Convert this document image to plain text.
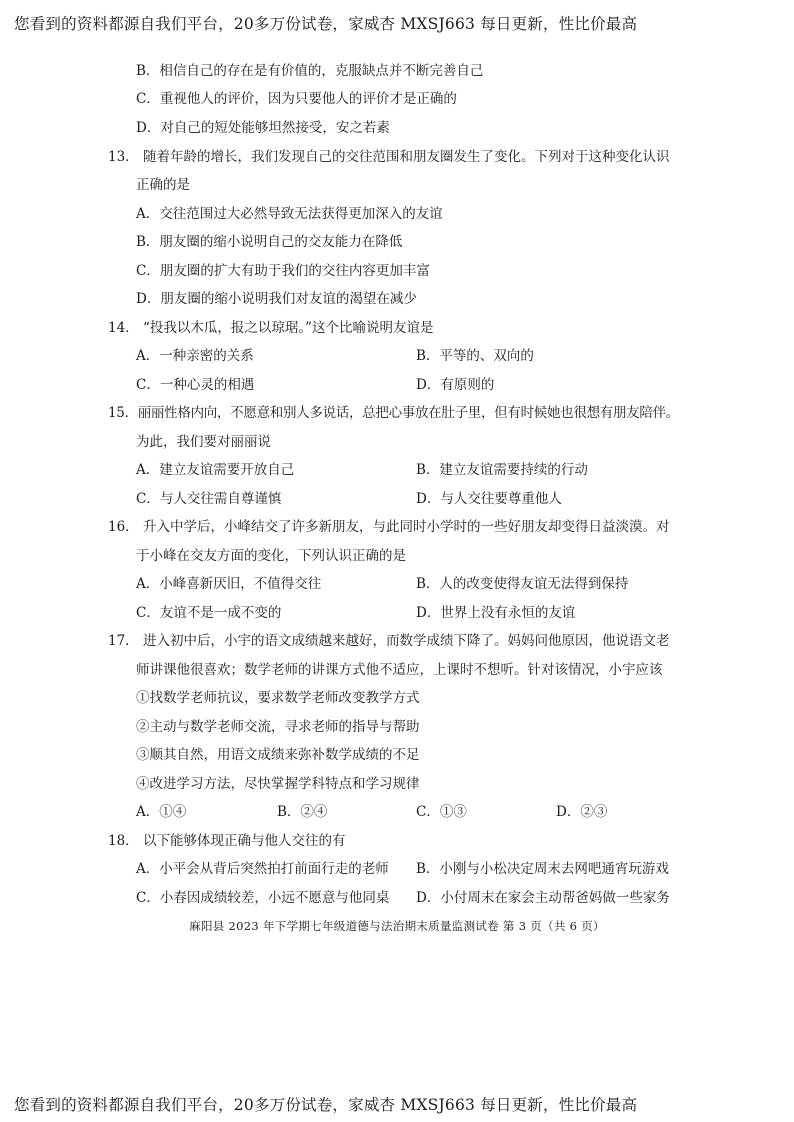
您看到的资料都源自我们平台，20多万份试卷，家威杏 MXSJ663 每日更新，性比价最高
B．相信自己的存在是有价值的，克服缺点并不断完善自己
C．重视他人的评价，因为只要他人的评价才是正确的
D．对自己的短处能够坦然接受，安之若素
13． 随着年龄的增长，我们发现自己的交往范围和朋友圈发生了变化。下列对于这种变化认识
正确的是
A．交往范围过大必然导致无法获得更加深入的友谊
B．朋友圈的缩小说明自己的交友能力在降低
C．朋友圈的扩大有助于我们的交往内容更加丰富
D．朋友圈的缩小说明我们对友谊的渴望在减少
14． “投我以木瓜，报之以琼琚。”这个比喻说明友谊是
A．一种亲密的关系	B．平等的、双向的
C．一种心灵的相遇	D．有原则的
15．丽丽性格内向，不愿意和别人多说话，总把心事放在肚子里，但有时候她也很想有朋友陪伴。
为此，我们要对丽丽说
A．建立友谊需要开放自己	B．建立友谊需要持续的行动
C．与人交往需自尊谨慎	D．与人交往要尊重他人
16． 升入中学后，小峰结交了许多新朋友，与此同时小学时的一些好朋友却变得日益淡漠。对
于小峰在交友方面的变化，下列认识正确的是
A．小峰喜新厌旧，不值得交往	B．人的改变使得友谊无法得到保持
C．友谊不是一成不变的	D．世界上没有永恒的友谊
17． 进入初中后，小宇的语文成绩越来越好，而数学成绩下降了。妈妈问他原因，他说语文老
师讲课他很喜欢；数学老师的讲课方式他不适应，上课时不想听。针对该情况，小宇应该
①找数学老师抗议，要求数学老师改变教学方式
②主动与数学老师交流，寻求老师的指导与帮助
③顺其自然，用语文成绩来弥补数学成绩的不足
④改进学习方法，尽快掌握学科特点和学习规律
A．①④	B．②④	C．①③	D．②③
18． 以下能够体现正确与他人交往的有
A．小平会从背后突然拍打前面行走的老师 B．小刚与小松决定周末去网吧通宵玩游戏
C．小春因成绩较差，小远不愿意与他同桌 D．小付周末在家会主动帮爸妈做一些家务
麻阳县 2023 年下学期七年级道德与法治期末质量监测试卷 第 3 页（共 6 页）
您看到的资料都源自我们平台，20多万份试卷，家威杏 MXSJ663 每日更新，性比价最高
